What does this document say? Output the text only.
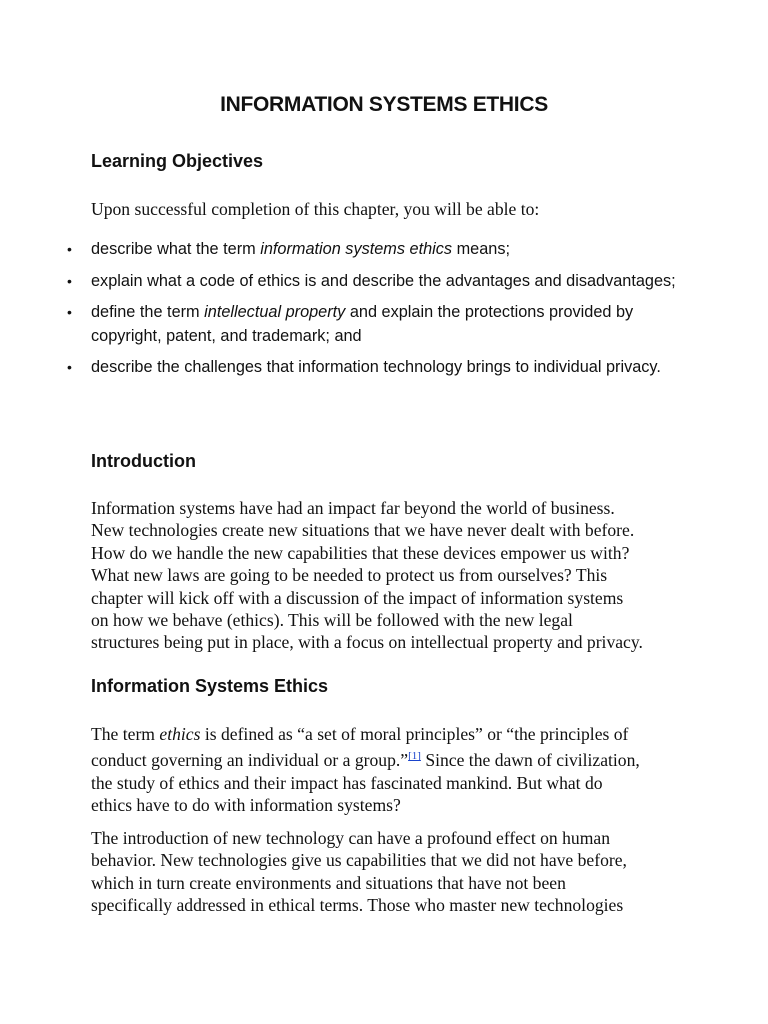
INFORMATION SYSTEMS ETHICS
Learning Objectives

Upon successful completion of this chapter, you will be able to:

• describe what the term information systems ethics means;
• explain what a code of ethics is and describe the advantages and disadvantages;
• define the term intellectual property and explain the protections provided by copyright, patent, and trademark; and
• describe the challenges that information technology brings to individual privacy.
Introduction
Information systems have had an impact far beyond the world of business.
New technologies create new situations that we have never dealt with before.
How do we handle the new capabilities that these devices empower us with?
What new laws are going to be needed to protect us from ourselves? This
chapter will kick off with a discussion of the impact of information systems
on how we behave (ethics). This will be followed with the new legal
structures being put in place, with a focus on intellectual property and privacy.
Information Systems Ethics
The term ethics is defined as “a set of moral principles” or “the principles of
conduct governing an individual or a group.”[1] Since the dawn of civilization,
the study of ethics and their impact has fascinated mankind. But what do
ethics have to do with information systems?
The introduction of new technology can have a profound effect on human
behavior. New technologies give us capabilities that we did not have before,
which in turn create environments and situations that have not been
specifically addressed in ethical terms. Those who master new technologies
